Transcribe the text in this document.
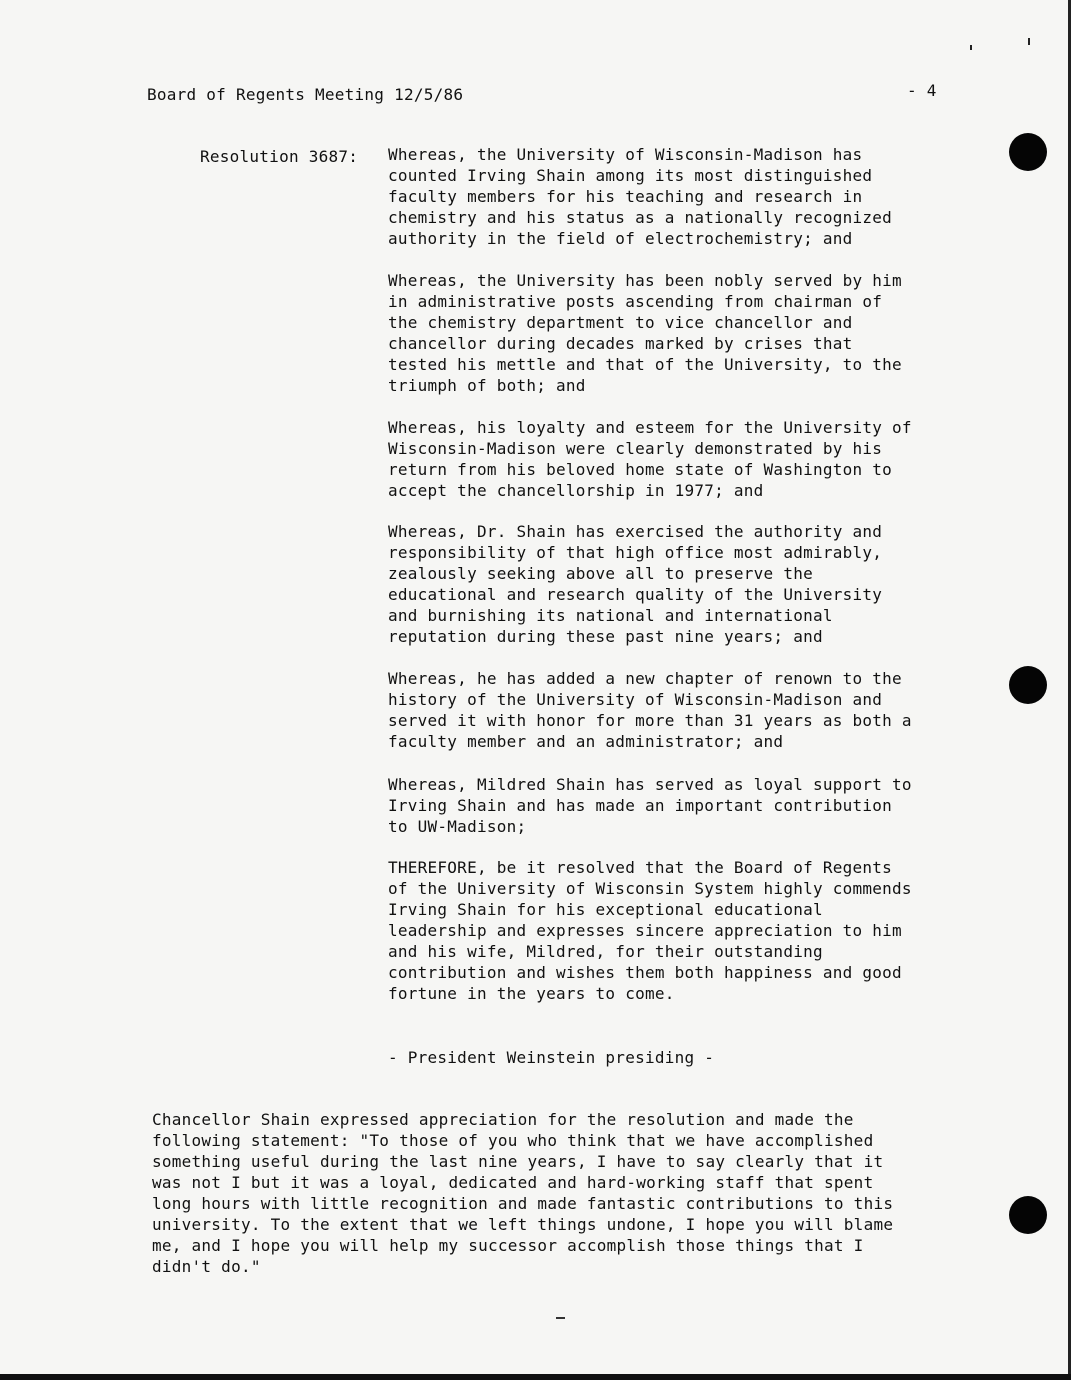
Board of Regents Meeting 12/5/86	- 4
Resolution 3687: Whereas, the University of Wisconsin-Madison has
counted Irving Shain among its most distinguished
faculty members for his teaching and research in
chemistry and his status as a nationally recognized
authority in the field of electrochemistry; and
Whereas, the University has been nobly served by him
in administrative posts ascending from chairman of
the chemistry department to vice chancellor and
chancellor during decades marked by crises that
tested his mettle and that of the University, to the
triumph of both; and
Whereas, his loyalty and esteem for the University of
Wisconsin-Madison were clearly demonstrated by his
return from his beloved home state of Washington to
accept the chancellorship in 1977; and
Whereas, Dr. Shain has exercised the authority and
responsibility of that high office most admirably,
zealously seeking above all to preserve the
educational and research quality of the University
and burnishing its national and international
reputation during these past nine years; and
Whereas, he has added a new chapter of renown to the
history of the University of Wisconsin-Madison and
served it with honor for more than 31 years as both a
faculty member and an administrator; and
Whereas, Mildred Shain has served as loyal support to
Irving Shain and has made an important contribution
to UW-Madison;
THEREFORE, be it resolved that the Board of Regents
of the University of Wisconsin System highly commends
Irving Shain for his exceptional educational
leadership and expresses sincere appreciation to him
and his wife, Mildred, for their outstanding
contribution and wishes them both happiness and good
fortune in the years to come.
- President Weinstein presiding -
Chancellor Shain expressed appreciation for the resolution and made the
following statement: "To those of you who think that we have accomplished
something useful during the last nine years, I have to say clearly that it
was not I but it was a loyal, dedicated and hard-working staff that spent
long hours with little recognition and made fantastic contributions to this
university. To the extent that we left things undone, I hope you will blame
me, and I hope you will help my successor accomplish those things that I
didn't do."
